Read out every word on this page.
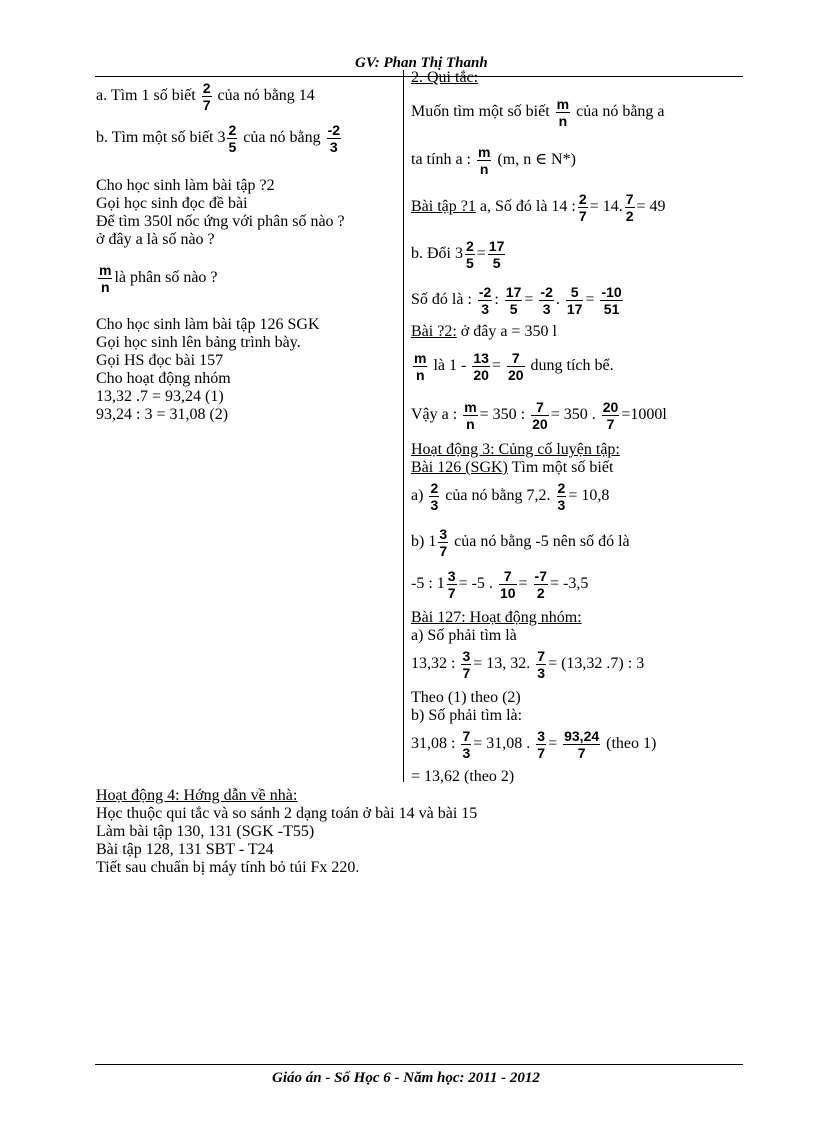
GV: Phan Thị Thanh
a. Tìm 1 số biết $\frac{2}{7}$ của nó bằng 14
b. Tìm một số biết $3 \frac{2}{5}$ của nó bằng $\frac{-2}{3}$
Cho học sinh làm bài tập ?2
Gọi học sinh đọc đề bài
Để tìm 350l nốc ứng với phân số nào ?
ở đây a là số nào ?
$\frac{m}{n}$ là phân số nào ?
Cho học sinh làm bài tập 126 SGK
Gọi học sinh lên bảng trình bày.
Gọi HS đọc bài 157
Cho hoạt động nhóm
13,32 .7 = 93,24 (1)
93,24 : 3 = 31,08 (2)
2. Qui tắc:
Muốn tìm một số biết $\frac{m}{n}$ của nó bằng a
ta tính a : $\frac{m}{n} (m$, n ∈ N*)
Bài tập ?1 a, Số đó là 14 : $\frac{2}{7} = 14$. $\frac{7}{2} = 49$
b. Đổi $3 \frac{2}{5} = \frac{17}{5}$
Số đó là : $\frac{-2}{3}$ : $\frac{17}{5} = \frac{-2}{3}$ . $\frac{5}{17} = \frac{-10}{51}$
Bài ?2: ở đây a = 350 l
$\frac{m}{n}$ là $1 - \frac{13}{20} = \frac{7}{20}$ dung tích bể.
Vậy a : $\frac{m}{n} = 350$ : $\frac{7}{20} = 350$ . $\frac{20}{7} =1000l$
Hoạt động 3: Củng cố luyện tập:
Bài 126 (SGK) Tìm một số biết
$a) \frac{2}{3}$ của nó bằng 7,2. $\frac{2}{3} = 10,8$
b) $1 \frac{3}{7}$ của nó bằng -5 nên số đó là
-5 : $1 \frac{3}{7} = -5$ . $\frac{7}{10} = \frac{-7}{2} = -3,5$
Bài 127: Hoạt động nhóm:
a) Số phải tìm là
13,32 : $\frac{3}{7} = 13$, 32. $\frac{7}{3} = (13,32$ .7) : 3
Theo (1) theo (2)
b) Số phải tìm là:
31,08 : $\frac{7}{3} = 31,08$ . $\frac{3}{7} = \frac{93,24}{7}$ (theo 1)
= 13,62 (theo 2)
Hoạt động 4: Hớng dẫn về nhà:
Học thuộc qui tắc và so sánh 2 dạng toán ở bài 14 và bài 15
Làm bài tập 130, 131 (SGK -T55)
Bài tập 128, 131 SBT - T24
Tiết sau chuẩn bị máy tính bỏ túi Fx 220.
Giáo án - Số Học 6 - Năm học: 2011 - 2012
